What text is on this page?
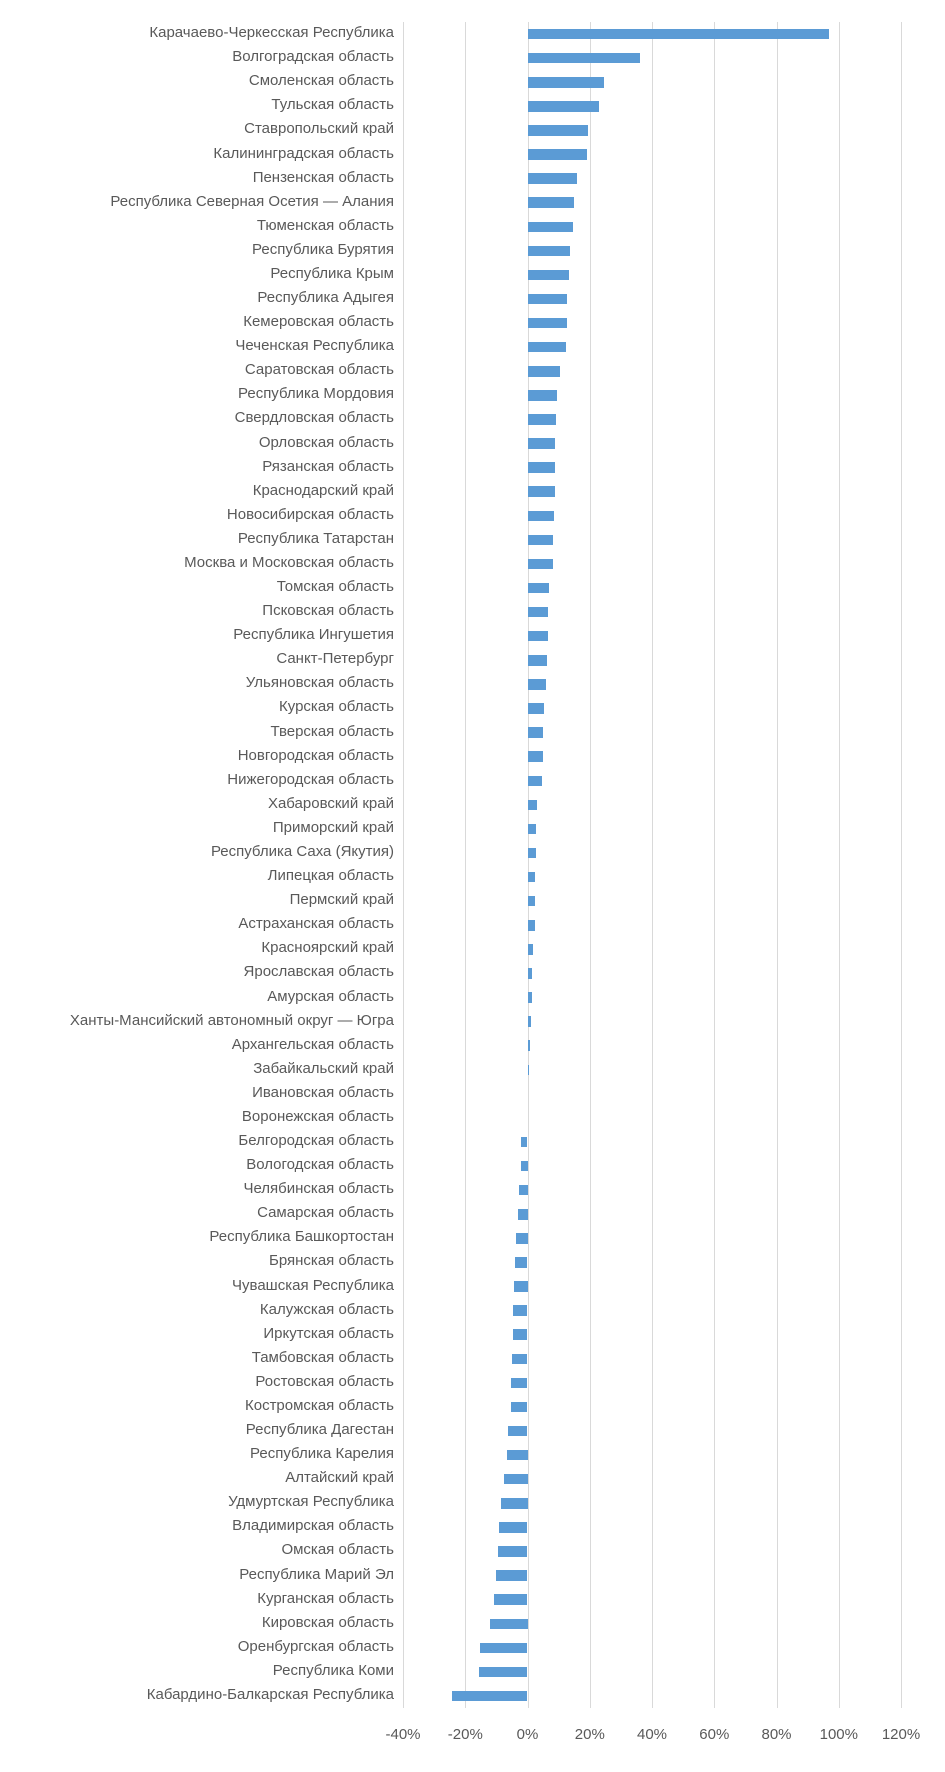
Карачаево-Черкесская Республика
Волгоградская область
Смоленская область
Тульская область
Ставропольский край
Калининградская область
Пензенская область
Республика Северная Осетия — Алания
Тюменская область
Республика Бурятия
Республика Крым
Республика Адыгея
Кемеровская область
Чеченская Республика
Саратовская область
Республика Мордовия
Свердловская область
Орловская область
Рязанская область
Краснодарский край
Новосибирская область
Республика Татарстан
Москва и Московская область
Томская область
Псковская область
Республика Ингушетия
Санкт-Петербург
Ульяновская область
Курская область
Тверская область
Новгородская область
Нижегородская область
Хабаровский край
Приморский край
Республика Саха (Якутия)
Липецкая область
Пермский край
Астраханская область
Красноярский край
Ярославская область
Амурская область
Ханты-Мансийский автономный округ — Югра
Архангельская область
Забайкальский край
Ивановская область
Воронежская область
Белгородская область
Вологодская область
Челябинская область
Самарская область
Республика Башкортостан
Брянская область
Чувашская Республика
Калужская область
Иркутская область
Тамбовская область
Ростовская область
Костромская область
Республика Дагестан
Республика Карелия
Алтайский край
Удмуртская Республика
Владимирская область
Омская область
Республика Марий Эл
Курганская область
Кировская область
Оренбургская область
Республика Коми
Кабардино-Балкарская Республика
-40%	-20%	0%	20%	40%	60%	80%	100%	120%
